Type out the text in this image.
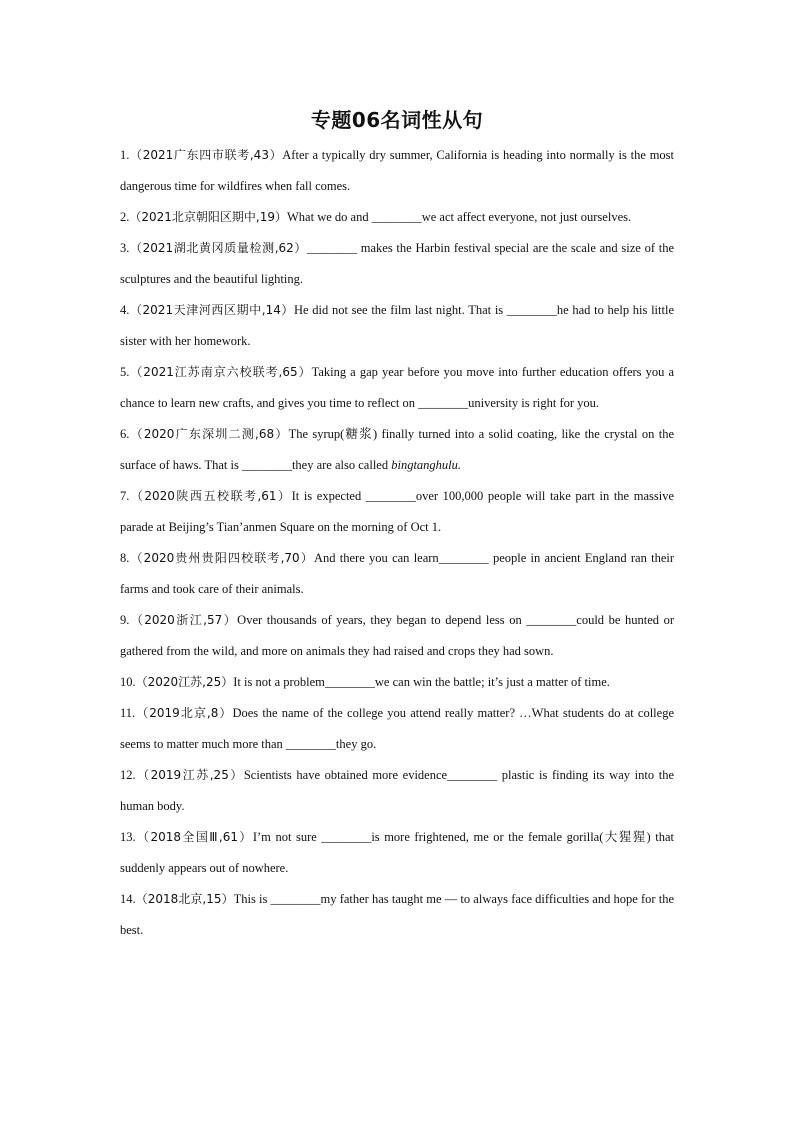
专题06名词性从句

1.（2021广东四市联考,43）After a typically dry summer, California is heading into normally is the most dangerous time for wildfires when fall comes.

2.（2021北京朝阳区期中,19）What we do and ________we act affect everyone, not just ourselves.

3.（2021湖北黄冈质量检测,62）________ makes the Harbin festival special are the scale and size of the sculptures and the beautiful lighting.

4.（2021天津河西区期中,14）He did not see the film last night. That is ________he had to help his little sister with her homework.

5.（2021江苏南京六校联考,65）Taking a gap year before you move into further education offers you a chance to learn new crafts, and gives you time to reflect on ________university is right for you.

6.（2020广东深圳二测,68）The syrup(糖浆) finally turned into a solid coating, like the crystal on the surface of haws. That is ________they are also called bingtanghulu.

7.（2020陕西五校联考,61）It is expected ________over 100,000 people will take part in the massive parade at Beijing’s Tian’anmen Square on the morning of Oct 1.

8.（2020贵州贵阳四校联考,70）And there you can learn________ people in ancient England ran their farms and took care of their animals.

9.（2020浙江,57）Over thousands of years, they began to depend less on ________could be hunted or gathered from the wild, and more on animals they had raised and crops they had sown.

10.（2020江苏,25）It is not a problem________we can win the battle; it’s just a matter of time.

11.（2019北京,8）Does the name of the college you attend really matter? …What students do at college seems to matter much more than ________they go.

12.（2019江苏,25）Scientists have obtained more evidence________ plastic is finding its way into the human body.

13.（2018全国Ⅲ,61）I’m not sure ________is more frightened, me or the female gorilla(大猩猩) that suddenly appears out of nowhere.

14.（2018北京,15）This is ________my father has taught me — to always face difficulties and hope for the best.
